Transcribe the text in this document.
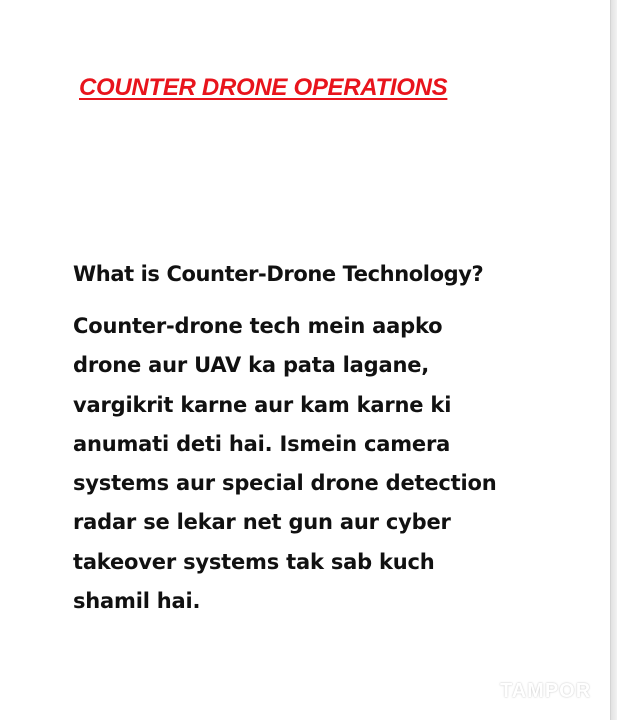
COUNTER DRONE OPERATIONS
What is Counter-Drone Technology?

Counter-drone tech mein aapko
drone aur UAV ka pata lagane,
vargikrit karne aur kam karne ki
anumati deti hai. Ismein camera
systems aur special drone detection
radar se lekar net gun aur cyber
takeover systems tak sab kuch
shamil hai.

TAMPOR
